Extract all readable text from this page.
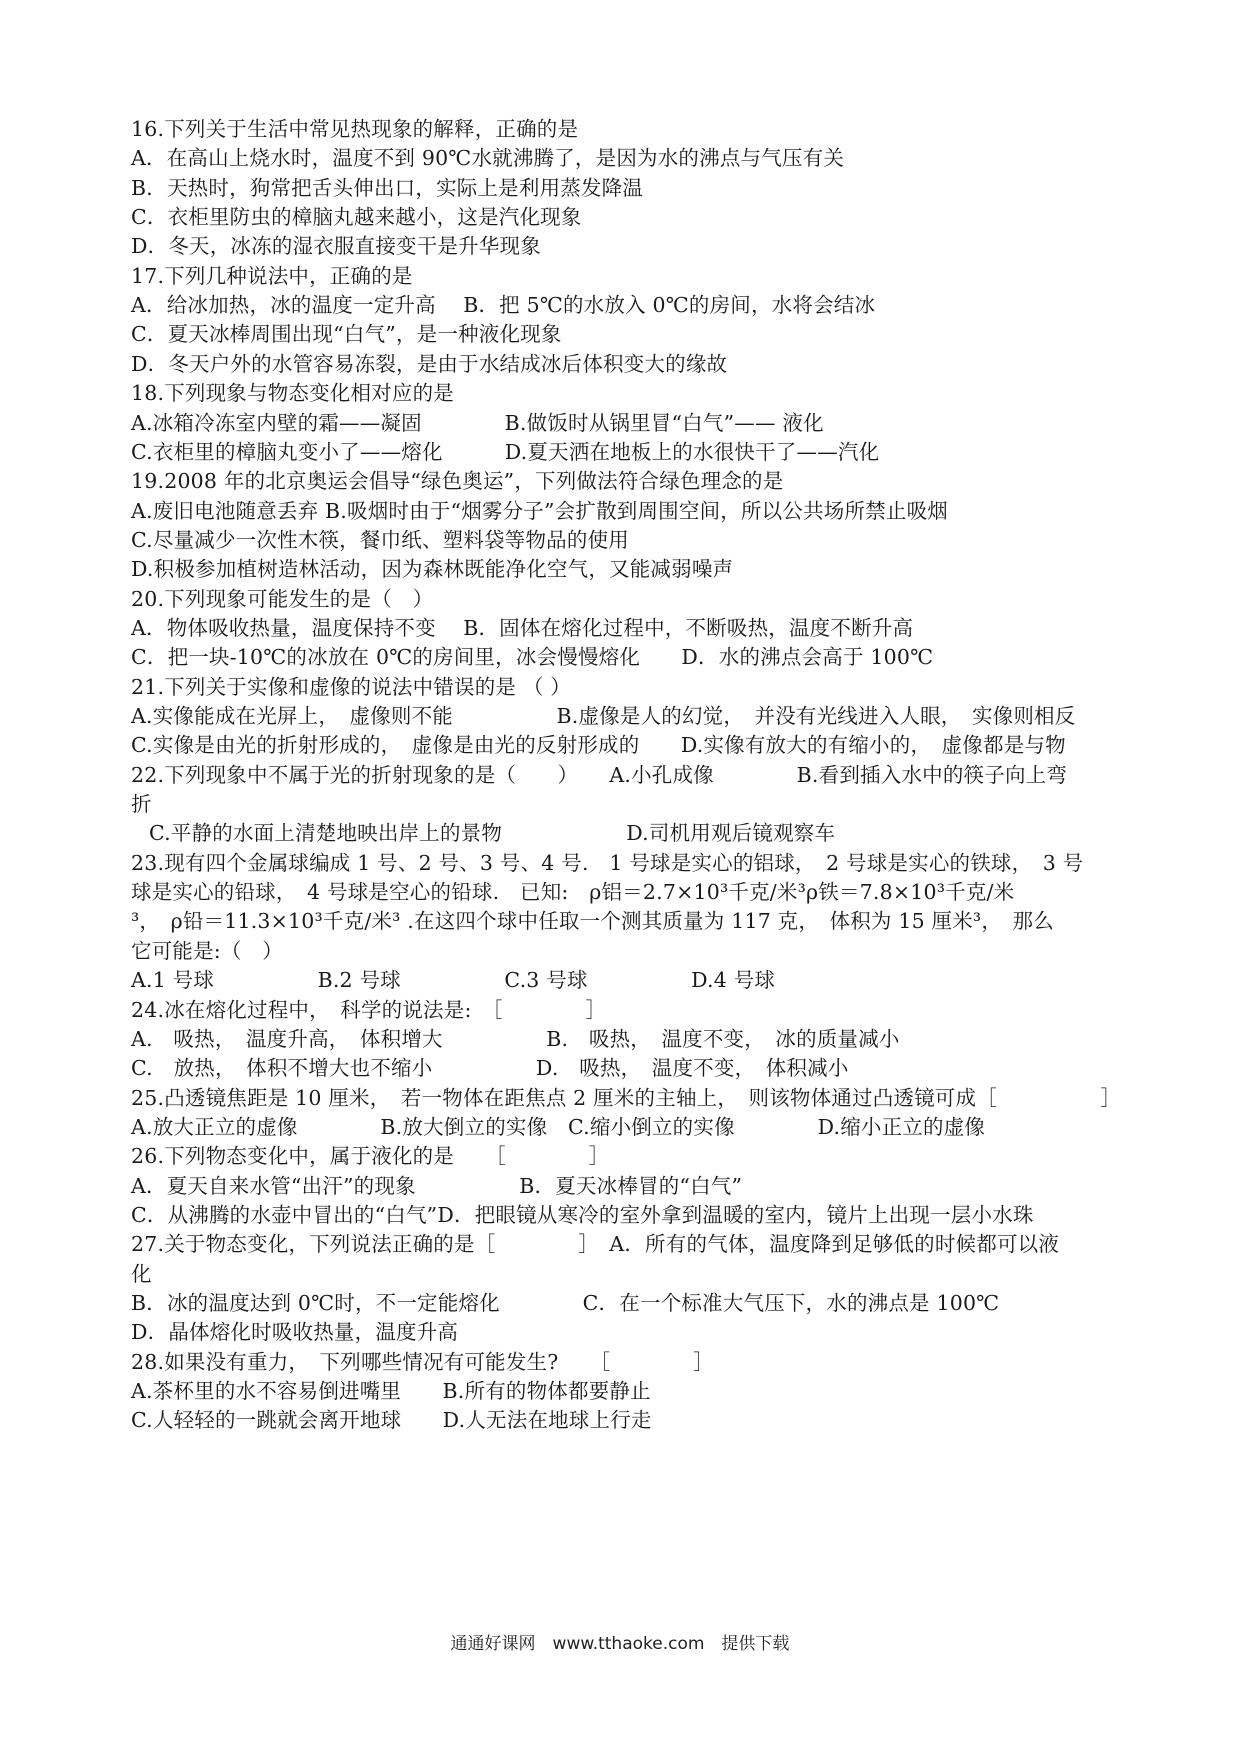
16.下列关于生活中常见热现象的解释，正确的是
A．在高山上烧水时，温度不到 90℃水就沸腾了，是因为水的沸点与气压有关
B．天热时，狗常把舌头伸出口，实际上是利用蒸发降温
C．衣柜里防虫的樟脑丸越来越小，这是汽化现象
D．冬天，冰冻的湿衣服直接变干是升华现象
17.下列几种说法中，正确的是
A．给冰加热，冰的温度一定升高　 B．把 5℃的水放入 0℃的房间，水将会结冰
C．夏天冰棒周围出现“白气”，是一种液化现象
D．冬天户外的水管容易冻裂，是由于水结成冰后体积变大的缘故
18.下列现象与物态变化相对应的是
A.冰箱冷冻室内壁的霜——凝固　　　　B.做饭时从锅里冒“白气”—— 液化
C.衣柜里的樟脑丸变小了——熔化　　　D.夏天洒在地板上的水很快干了——汽化
19.2008 年的北京奥运会倡导“绿色奥运”，下列做法符合绿色理念的是
A.废旧电池随意丢弃 B.吸烟时由于“烟雾分子”会扩散到周围空间，所以公共场所禁止吸烟
C.尽量减少一次性木筷，餐巾纸、塑料袋等物品的使用
D.积极参加植树造林活动，因为森林既能净化空气，又能减弱噪声
20.下列现象可能发生的是（　）
A．物体吸收热量，温度保持不变　 B．固体在熔化过程中，不断吸热，温度不断升高
C．把一块-10℃的冰放在 0℃的房间里，冰会慢慢熔化　　D．水的沸点会高于 100℃
21.下列关于实像和虚像的说法中错误的是 （ ）
A.实像能成在光屏上，　虚像则不能　　　　　B.虚像是人的幻觉，　并没有光线进入人眼，　实像则相反
C.实像是由光的折射形成的，　虚像是由光的反射形成的　　D.实像有放大的有缩小的，　虚像都是与物
22.下列现象中不属于光的折射现象的是（　　）　　A.小孔成像　　　　B.看到插入水中的筷子向上弯
折
C.平静的水面上清楚地映出岸上的景物　　　　　　D.司机用观后镜观察车
23.现有四个金属球编成 1 号、2 号、3 号、4 号.　1 号球是实心的铝球，　2 号球是实心的铁球，　3 号
球是实心的铅球，　4 号球是空心的铅球.　已知:　ρ铝＝2.7×10³千克/米³ρ铁＝7.8×10³千克/米
³，　ρ铅＝11.3×10³千克/米³ .在这四个球中任取一个测其质量为 117 克，　体积为 15 厘米³，　那么
它可能是:（　）
A.1 号球　　　　　B.2 号球　　　　　C.3 号球　　　　　D.4 号球
24.冰在熔化过程中，　科学的说法是:　［　　　　］
A.　吸热，　温度升高，　体积增大　　　　　B.　吸热，　温度不变，　冰的质量减小
C.　放热，　体积不增大也不缩小　　　　　D.　吸热，　温度不变，　体积减小
25.凸透镜焦距是 10 厘米，　若一物体在距焦点 2 厘米的主轴上，　则该物体通过凸透镜可成［　　　　　］
A.放大正立的虚像　　　　B.放大倒立的实像　C.缩小倒立的实像　　　　D.缩小正立的虚像
26.下列物态变化中，属于液化的是　　［　　　　］
A．夏天自来水管“出汗”的现象　　　　　B．夏天冰棒冒的“白气”
C．从沸腾的水壶中冒出的“白气”D．把眼镜从寒冷的室外拿到温暖的室内，镜片上出现一层小水珠
27.关于物态变化，下列说法正确的是［　　　　］　A．所有的气体，温度降到足够低的时候都可以液
化
B．冰的温度达到 0℃时，不一定能熔化　　　　C．在一个标准大气压下，水的沸点是 100℃
D．晶体熔化时吸收热量，温度升高
28.如果没有重力，　下列哪些情况有可能发生?　　［　　　　］
A.茶杯里的水不容易倒进嘴里　　B.所有的物体都要静止
C.人轻轻的一跳就会离开地球　　D.人无法在地球上行走
通通好课网　www.tthaoke.com　提供下载
